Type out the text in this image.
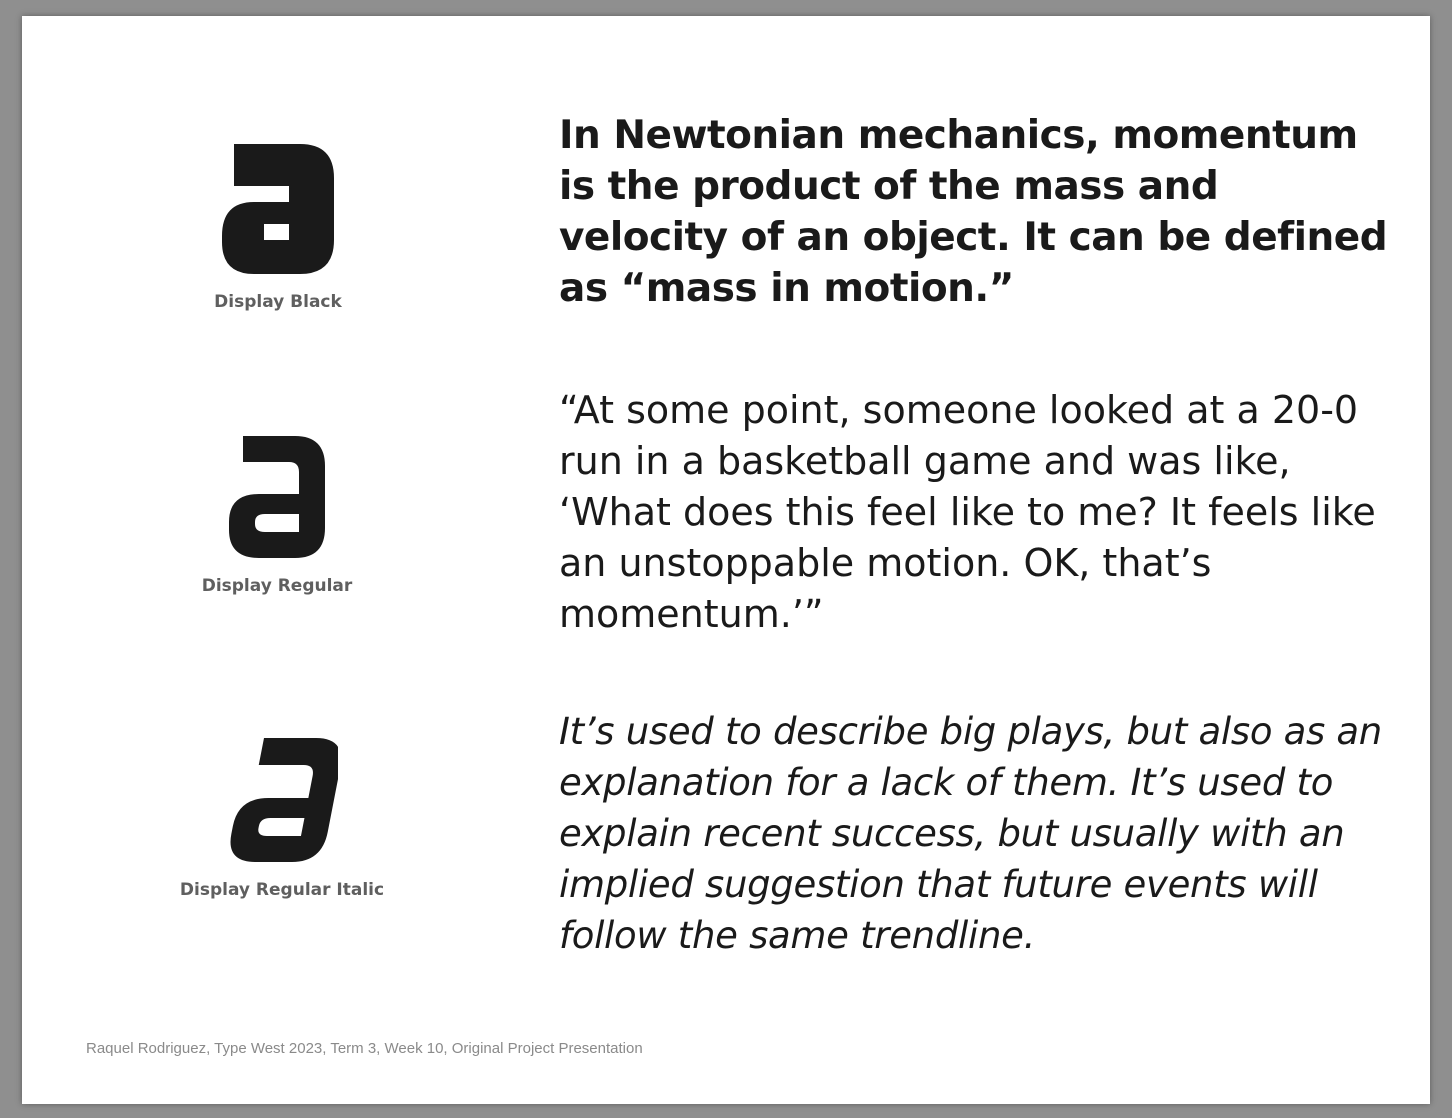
Display Black

In Newtonian mechanics, momentum is the product of the mass and velocity of an object. It can be defined as “mass in motion.”

Display Regular

“At some point, someone looked at a 20-0 run in a basketball game and was like, ‘What does this feel like to me? It feels like an unstoppable motion. OK, that’s momentum.’”

Display Regular Italic

It’s used to describe big plays, but also as an explanation for a lack of them. It’s used to explain recent success, but usually with an implied suggestion that future events will follow the same trendline.

Raquel Rodriguez, Type West 2023, Term 3, Week 10, Original Project Presentation
